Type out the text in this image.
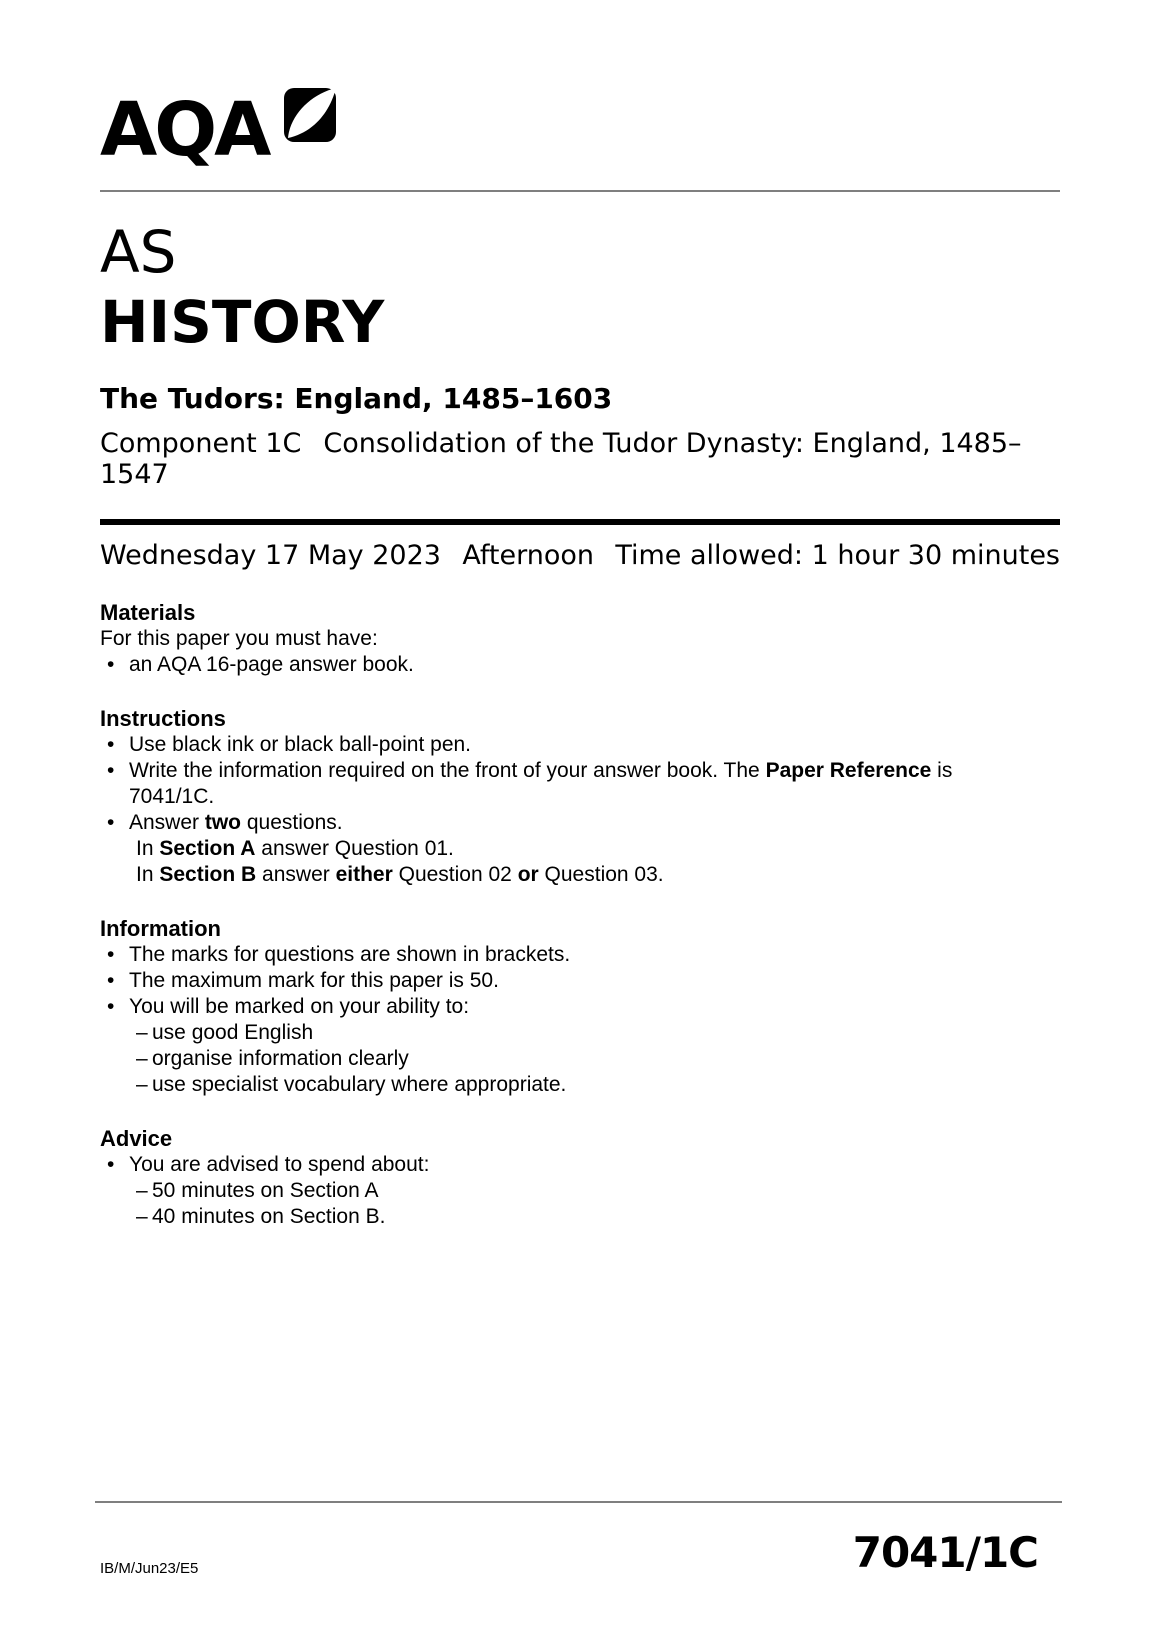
AQA
AS
HISTORY
The Tudors: England, 1485–1603
Component 1C Consolidation of the Tudor Dynasty: England, 1485–1547
Wednesday 17 May 2023 Afternoon Time allowed: 1 hour 30 minutes
Materials
For this paper you must have:
• an AQA 16-page answer book.
Instructions
• Use black ink or black ball-point pen.
• Write the information required on the front of your answer book. The Paper Reference is
7041/1C.
• Answer two questions.
In Section A answer Question 01.
In Section B answer either Question 02 or Question 03.
Information
• The marks for questions are shown in brackets.
• The maximum mark for this paper is 50.
• You will be marked on your ability to:
– use good English
– organise information clearly
– use specialist vocabulary where appropriate.
Advice
• You are advised to spend about:
– 50 minutes on Section A
– 40 minutes on Section B.
IB/M/Jun23/E5	7041/1C
